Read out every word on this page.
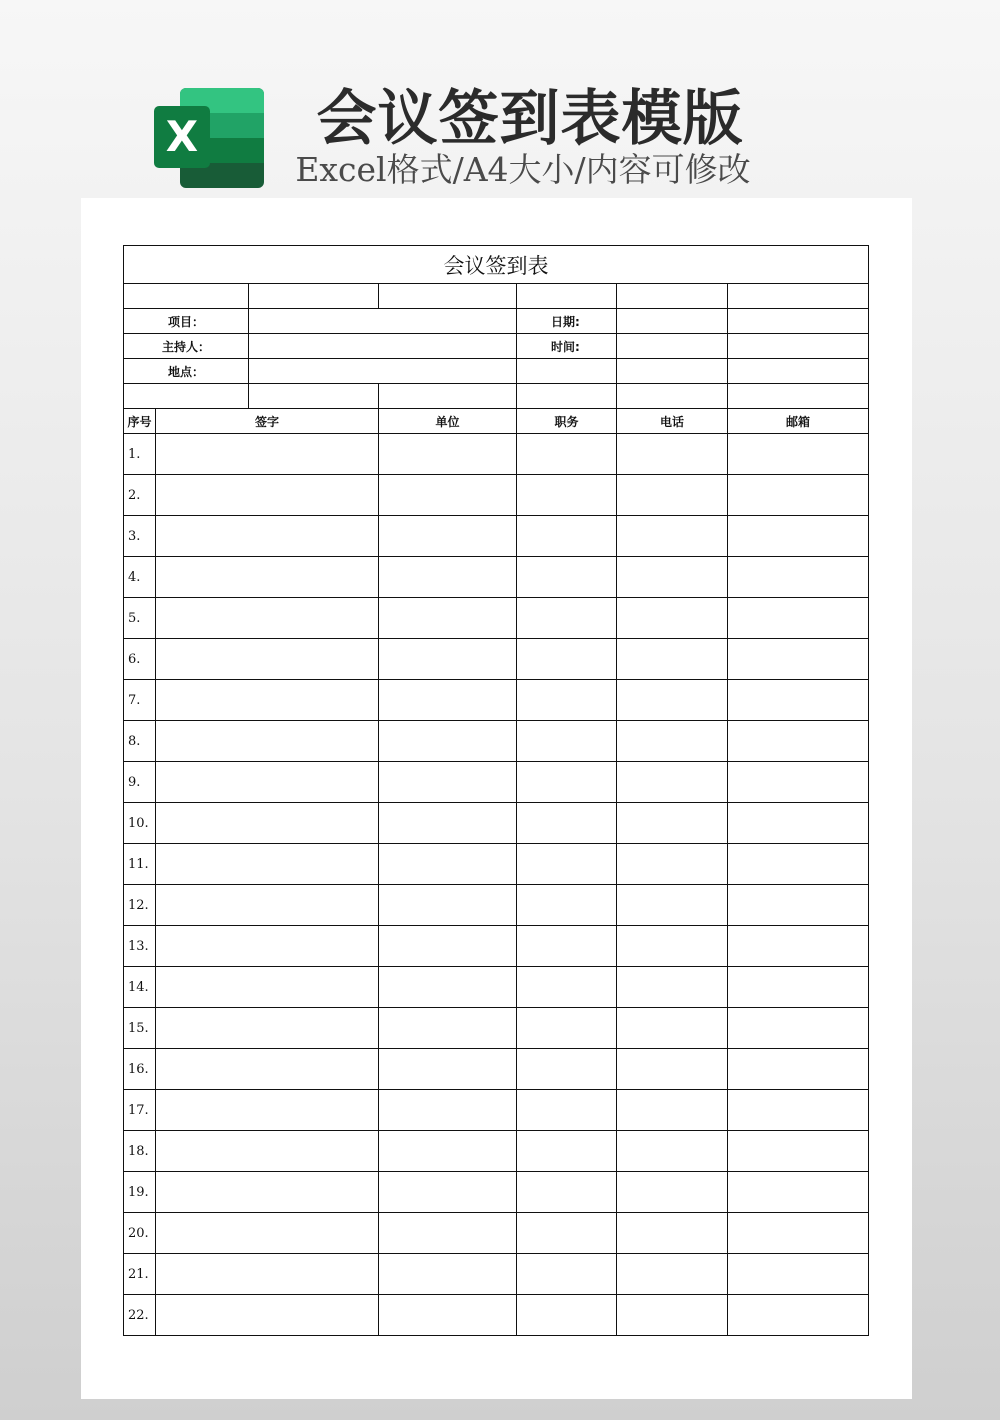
X 会议签到表模版
Excel格式/A4大小/内容可修改
会议签到表						

项目：				日期:		
主持人：				时间:		
地点：						

序号	签字		单位	职务	电话	邮箱
1.						
2.						
3.						
4.						
5.						
6.						
7.						
8.						
9.						
10.						
11.						
12.						
13.						
14.						
15.						
16.						
17.						
18.						
19.						
20.						
21.						
22.						
